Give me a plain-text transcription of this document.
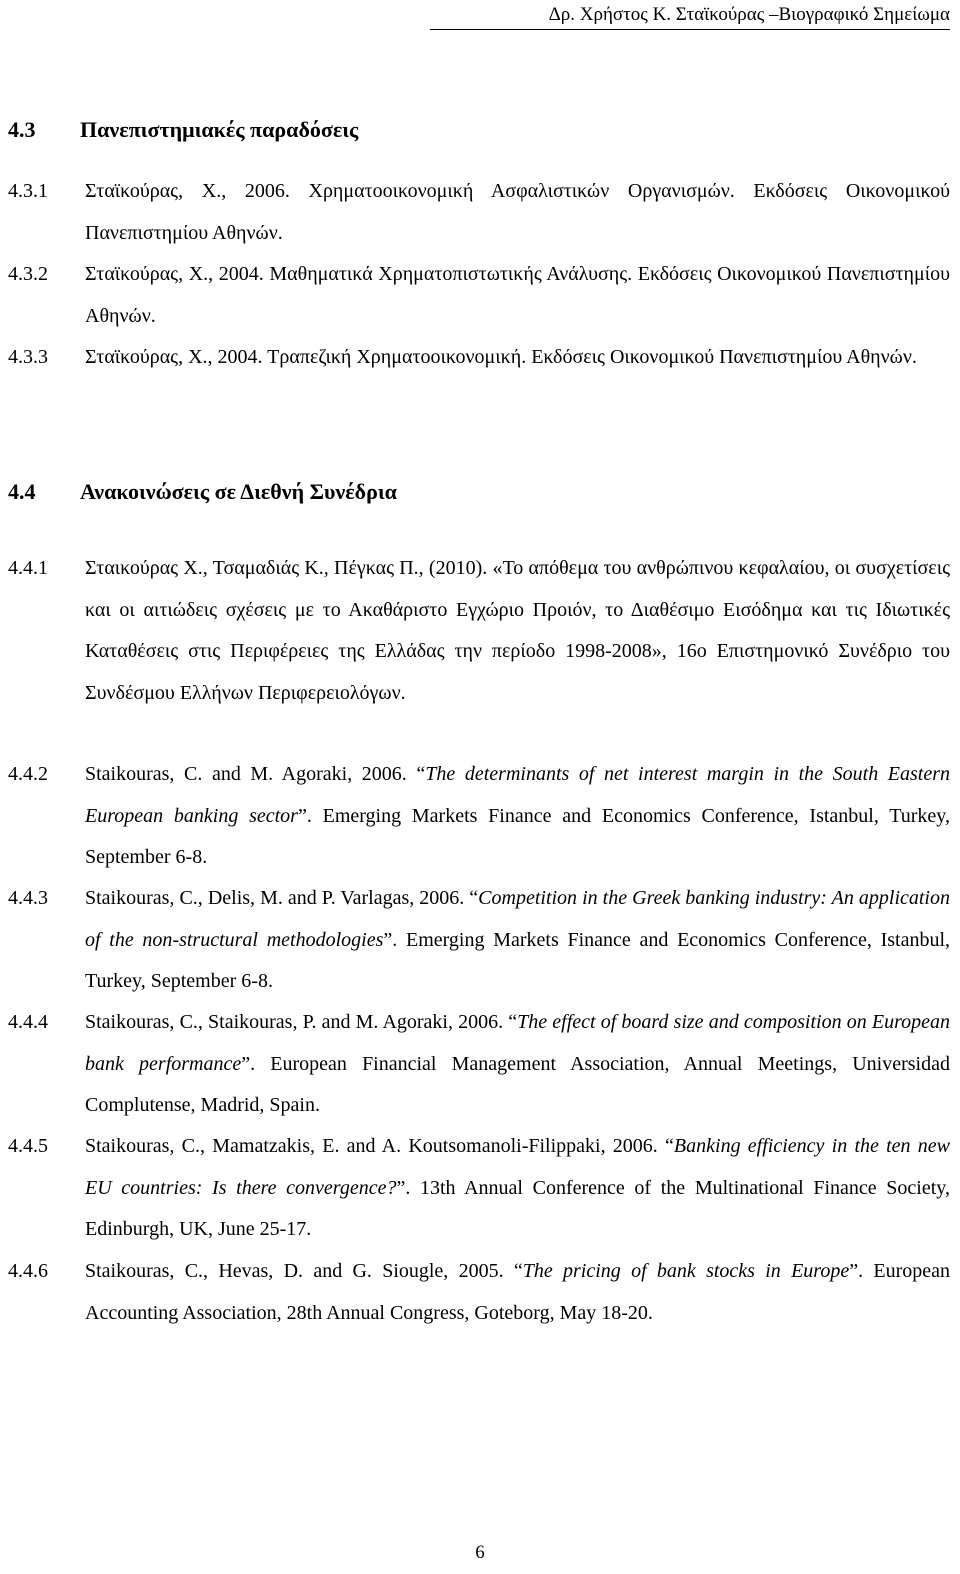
Δρ. Χρήστος Κ. Σταϊκούρας –Βιογραφικό Σημείωμα
4.3 Πανεπιστημιακές παραδόσεις
4.3.1 Σταϊκούρας, Χ., 2006. Χρηματοοικονομική Ασφαλιστικών Οργανισμών. Εκδόσεις Οικονομικού Πανεπιστημίου Αθηνών.
4.3.2 Σταϊκούρας, Χ., 2004. Μαθηματικά Χρηματοπιστωτικής Ανάλυσης. Εκδόσεις Οικονομικού Πανεπιστημίου Αθηνών.
4.3.3 Σταϊκούρας, Χ., 2004. Τραπεζική Χρηματοοικονομική. Εκδόσεις Οικονομικού Πανεπιστημίου Αθηνών.
4.4 Ανακοινώσεις σε Διεθνή Συνέδρια
4.4.1 Σταικούρας Χ., Τσαμαδιάς Κ., Πέγκας Π., (2010). «Το απόθεμα του ανθρώπινου κεφαλαίου, οι συσχετίσεις και οι αιτιώδεις σχέσεις με το Ακαθάριστο Εγχώριο Προιόν, το Διαθέσιμο Εισόδημα και τις Ιδιωτικές Καταθέσεις στις Περιφέρειες της Ελλάδας την περίοδο 1998-2008», 16ο Επιστημονικό Συνέδριο του Συνδέσμου Ελλήνων Περιφερειολόγων.
4.4.2 Staikouras, C. and M. Agoraki, 2006. “The determinants of net interest margin in the South Eastern European banking sector”. Emerging Markets Finance and Economics Conference, Istanbul, Turkey, September 6-8.
4.4.3 Staikouras, C., Delis, M. and P. Varlagas, 2006. “Competition in the Greek banking industry: An application of the non-structural methodologies”. Emerging Markets Finance and Economics Conference, Istanbul, Turkey, September 6-8.
4.4.4 Staikouras, C., Staikouras, P. and M. Agoraki, 2006. “The effect of board size and composition on European bank performance”. European Financial Management Association, Annual Meetings, Universidad Complutense, Madrid, Spain.
4.4.5 Staikouras, C., Mamatzakis, E. and A. Koutsomanoli-Filippaki, 2006. “Banking efficiency in the ten new EU countries: Is there convergence?”. 13th Annual Conference of the Multinational Finance Society, Edinburgh, UK, June 25-17.
4.4.6 Staikouras, C., Hevas, D. and G. Siougle, 2005. “The pricing of bank stocks in Europe”. European Accounting Association, 28th Annual Congress, Goteborg, May 18-20.
6
